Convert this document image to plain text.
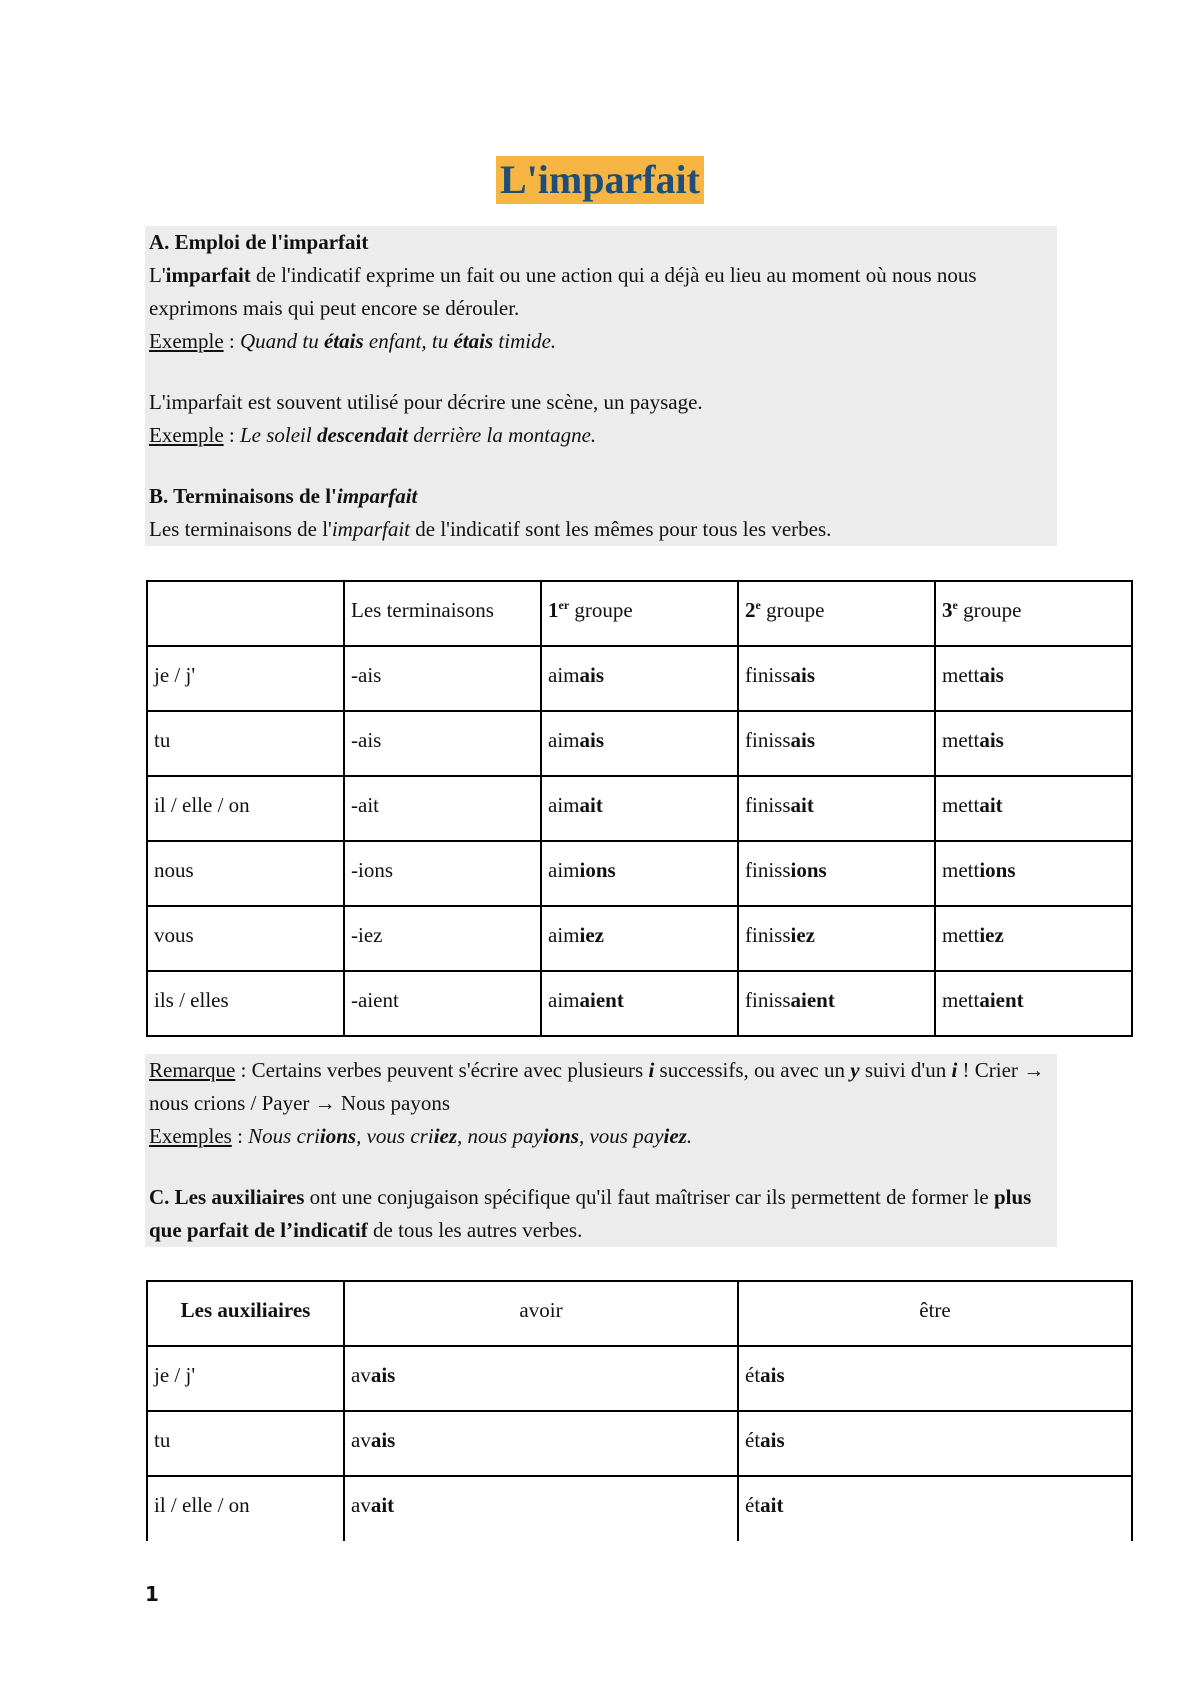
L'imparfait

A. Emploi de l'imparfait

L'imparfait de l'indicatif exprime un fait ou une action qui a déjà eu lieu au moment où nous nous exprimons mais qui peut encore se dérouler.

Exemple : Quand tu étais enfant, tu étais timide.

L'imparfait est souvent utilisé pour décrire une scène, un paysage.

Exemple : Le soleil descendait derrière la montagne.

B. Terminaisons de l'imparfait

Les terminaisons de l'imparfait de l'indicatif sont les mêmes pour tous les verbes.

	Les terminaisons	1er groupe	2e groupe	3e groupe
je / j'	-ais	aimais	finissais	mettais
tu	-ais	aimais	finissais	mettais
il / elle / on	-ait	aimait	finissait	mettait
nous	-ions	aimions	finissions	mettions
vous	-iez	aimiez	finissiez	mettiez
ils / elles	-aient	aimaient	finissaient	mettaient

Remarque : Certains verbes peuvent s'écrire avec plusieurs i successifs, ou avec un y suivi d'un i ! Crier → nous crions / Payer → Nous payons

Exemples : Nous criions, vous criiez, nous payions, vous payiez.

C. Les auxiliaires ont une conjugaison spécifique qu'il faut maîtriser car ils permettent de former le plus que parfait de l’indicatif de tous les autres verbes.

Les auxiliaires	avoir	être
je / j'	avais	étais
tu	avais	étais
il / elle / on	avait	était
1
